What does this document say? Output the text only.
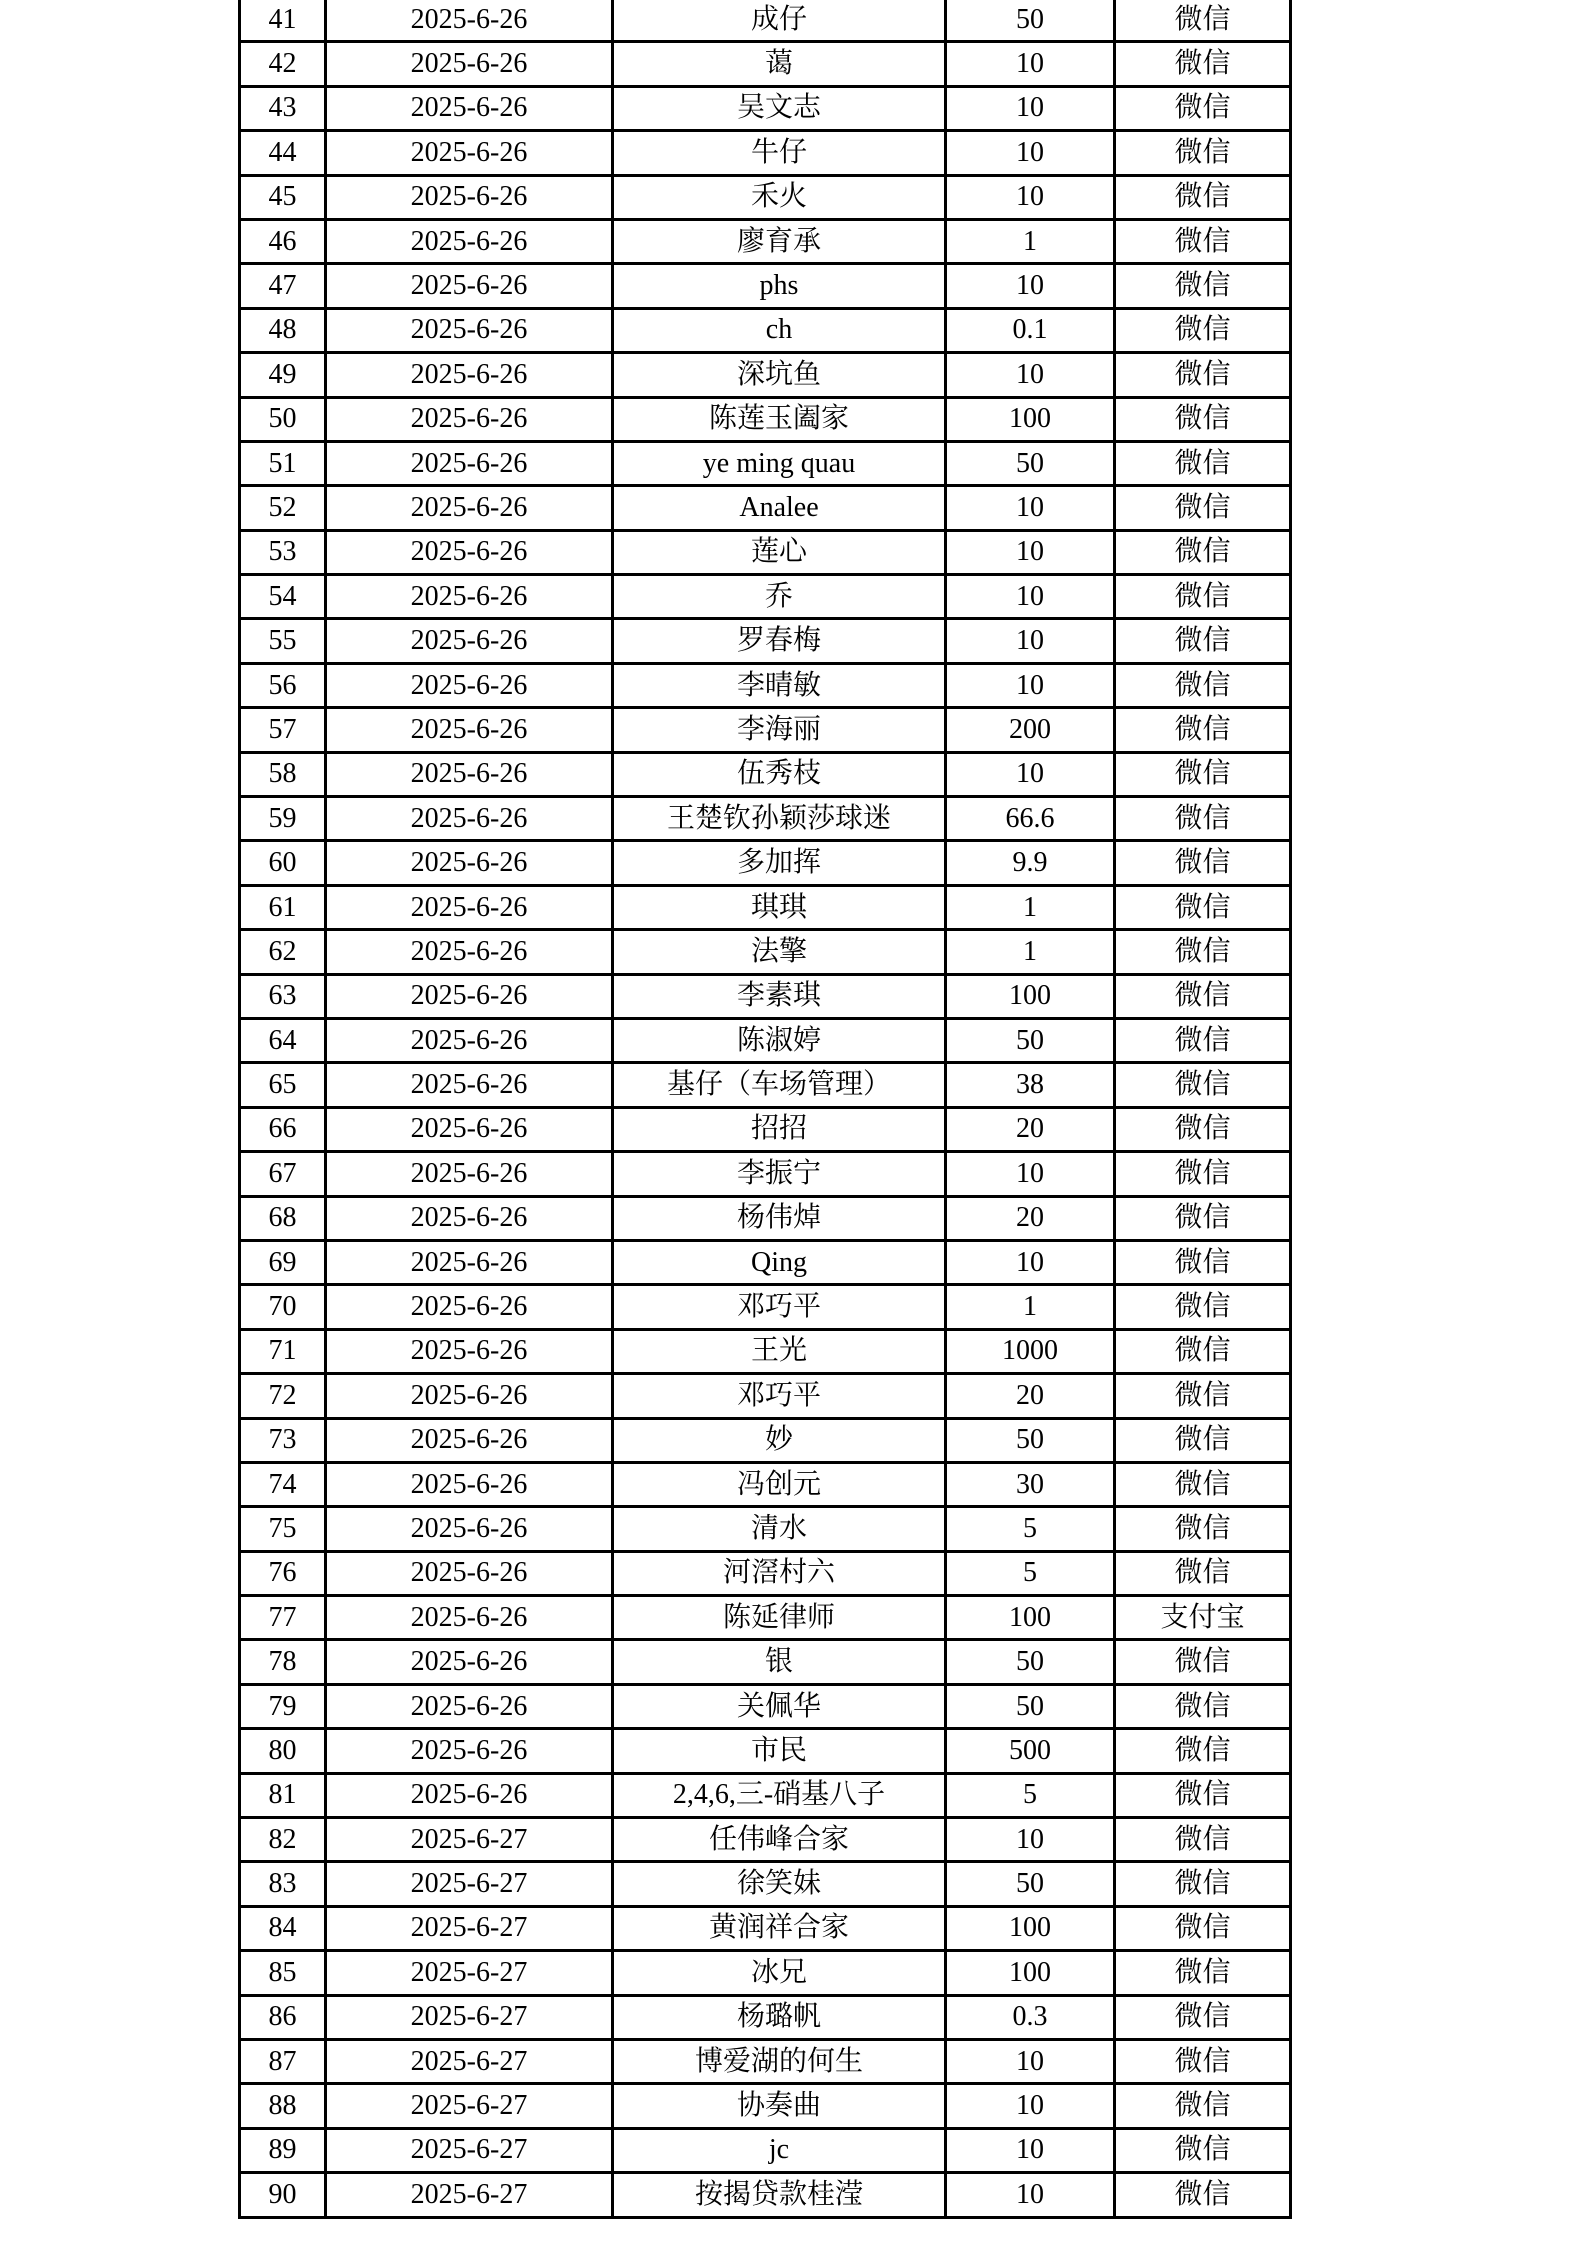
41	2025-6-26	成仔	50	微信
42	2025-6-26	蔼	10	微信
43	2025-6-26	吴文志	10	微信
44	2025-6-26	牛仔	10	微信
45	2025-6-26	禾火	10	微信
46	2025-6-26	廖育承	1	微信
47	2025-6-26	phs	10	微信
48	2025-6-26	ch	0.1	微信
49	2025-6-26	深坑鱼	10	微信
50	2025-6-26	陈莲玉阖家	100	微信
51	2025-6-26	ye ming quau	50	微信
52	2025-6-26	Analee	10	微信
53	2025-6-26	莲心	10	微信
54	2025-6-26	乔	10	微信
55	2025-6-26	罗春梅	10	微信
56	2025-6-26	李晴敏	10	微信
57	2025-6-26	李海丽	200	微信
58	2025-6-26	伍秀枝	10	微信
59	2025-6-26	王楚钦孙颖莎球迷	66.6	微信
60	2025-6-26	多加挥	9.9	微信
61	2025-6-26	琪琪	1	微信
62	2025-6-26	法擎	1	微信
63	2025-6-26	李素琪	100	微信
64	2025-6-26	陈淑婷	50	微信
65	2025-6-26	基仔（车场管理）	38	微信
66	2025-6-26	招招	20	微信
67	2025-6-26	李振宁	10	微信
68	2025-6-26	杨伟焯	20	微信
69	2025-6-26	Qing	10	微信
70	2025-6-26	邓巧平	1	微信
71	2025-6-26	王光	1000	微信
72	2025-6-26	邓巧平	20	微信
73	2025-6-26	妙	50	微信
74	2025-6-26	冯创元	30	微信
75	2025-6-26	清水	5	微信
76	2025-6-26	河滘村六	5	微信
77	2025-6-26	陈延律师	100	支付宝
78	2025-6-26	银	50	微信
79	2025-6-26	关佩华	50	微信
80	2025-6-26	市民	500	微信
81	2025-6-26	2,4,6,三-硝基八子	5	微信
82	2025-6-27	任伟峰合家	10	微信
83	2025-6-27	徐笑妹	50	微信
84	2025-6-27	黄润祥合家	100	微信
85	2025-6-27	冰兄	100	微信
86	2025-6-27	杨璐帆	0.3	微信
87	2025-6-27	博爱湖的何生	10	微信
88	2025-6-27	协奏曲	10	微信
89	2025-6-27	jc	10	微信
90	2025-6-27	按揭贷款桂滢	10	微信
